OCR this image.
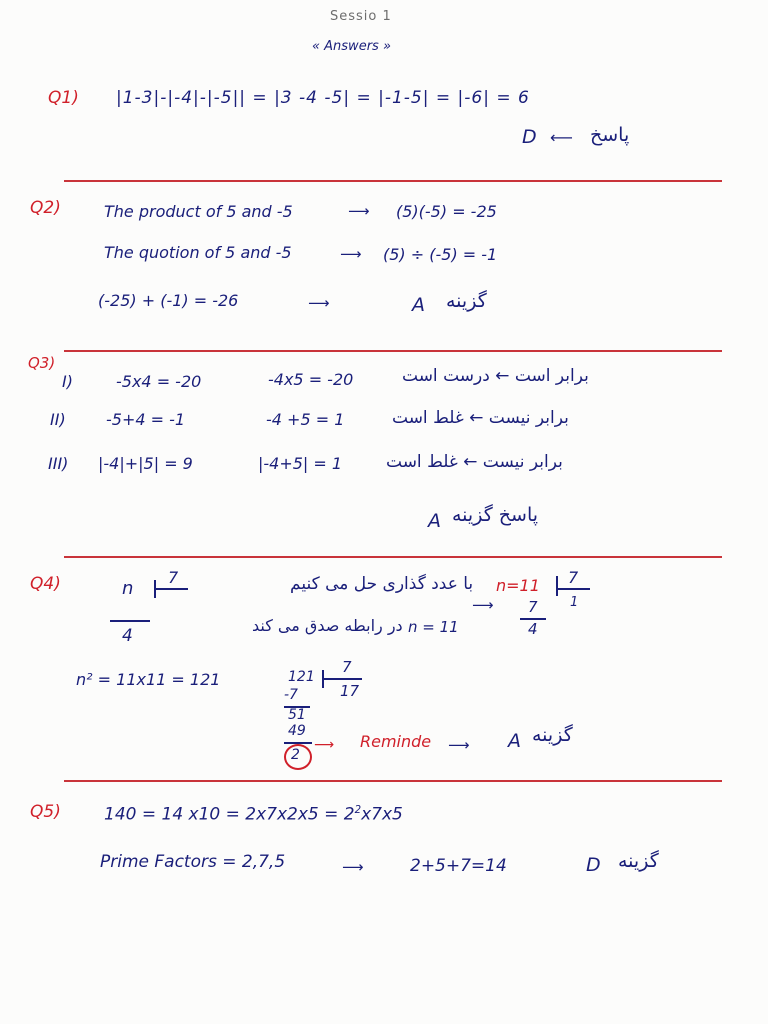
Sessio 1
« Answers »
Q1) |1-3|-|-4|-|-5|| = |3 -4 -5| = |-1-5| = |-6| = 6
D ⟵ پاسخ
Q2)	The product of 5 and -5	⟶ (5)(-5) = -25
The quotion of 5 and -5	⟶ (5) ÷ (-5) = -1
(-25) + (-1) = -26	⟶	A گزینه
Q3)
I)	-5x4 = -20	-4x5 = -20	برابر است ← درست است
II)	-5+4 = -1	-4 +5 = 1	برابر نیست ← غلط است
III) |-4|+|5| = 9	|-4+5| = 1	برابر نیست ← غلط است
A پاسخ گزینه
Q4)	n
7
4
با عدد گذاری حل می کنیم
n = 11
در رابطه صدق می کند
⟶
n=11 7
1
7
4
n² = 11x11 = 121	121
7
17
-7
51
49
2
⟶ Reminde ⟶ A گزینه
Q5)	140 = 14 $x10 = 2x7x2x5 = 2^2x7x5$
Prime Factors = 2,7,5	⟶	2+5+7=14	D گزینه
